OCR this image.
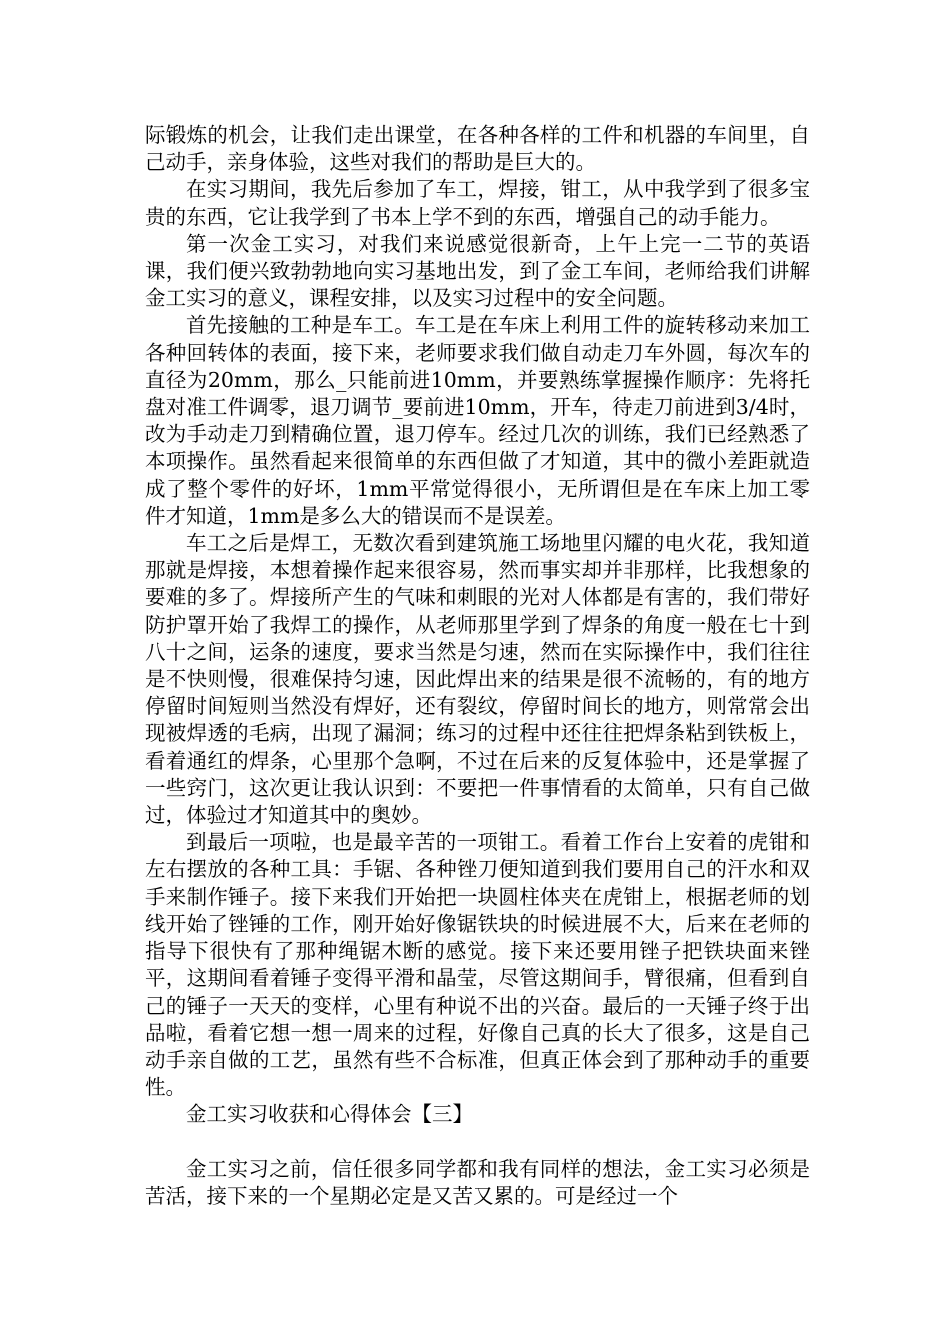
际锻炼的机会，让我们走出课堂，在各种各样的工件和机器的车间里，自己动手，亲身体验，这些对我们的帮助是巨大的。

在实习期间，我先后参加了车工，焊接，钳工，从中我学到了很多宝贵的东西，它让我学到了书本上学不到的东西，增强自己的动手能力。

第一次金工实习，对我们来说感觉很新奇，上午上完一二节的英语课，我们便兴致勃勃地向实习基地出发，到了金工车间，老师给我们讲解金工实习的意义，课程安排，以及实习过程中的安全问题。

首先接触的工种是车工。车工是在车床上利用工件的旋转移动来加工各种回转体的表面，接下来，老师要求我们做自动走刀车外圆，每次车的直径为20mm，那么_只能前进10mm，并要熟练掌握操作顺序：先将托盘对准工件调零，退刀调节_要前进10mm，开车，待走刀前进到3/4时，改为手动走刀到精确位置，退刀停车。经过几次的训练，我们已经熟悉了本项操作。虽然看起来很简单的东西但做了才知道，其中的微小差距就造成了整个零件的好坏，1mm平常觉得很小，无所谓但是在车床上加工零件才知道，1mm是多么大的错误而不是误差。

车工之后是焊工，无数次看到建筑施工场地里闪耀的电火花，我知道那就是焊接，本想着操作起来很容易，然而事实却并非那样，比我想象的要难的多了。焊接所产生的气味和刺眼的光对人体都是有害的，我们带好防护罩开始了我焊工的操作，从老师那里学到了焊条的角度一般在七十到八十之间，运条的速度，要求当然是匀速，然而在实际操作中，我们往往是不快则慢，很难保持匀速，因此焊出来的结果是很不流畅的，有的地方停留时间短则当然没有焊好，还有裂纹，停留时间长的地方，则常常会出现被焊透的毛病，出现了漏洞；练习的过程中还往往把焊条粘到铁板上，看着通红的焊条，心里那个急啊，不过在后来的反复体验中，还是掌握了一些窍门，这次更让我认识到：不要把一件事情看的太简单，只有自己做过，体验过才知道其中的奥妙。

到最后一项啦，也是最辛苦的一项钳工。看着工作台上安着的虎钳和左右摆放的各种工具：手锯、各种锉刀便知道到我们要用自己的汗水和双手来制作锤子。接下来我们开始把一块圆柱体夹在虎钳上，根据老师的划线开始了锉锤的工作，刚开始好像锯铁块的时候进展不大，后来在老师的指导下很快有了那种绳锯木断的感觉。接下来还要用锉子把铁块面来锉平，这期间看着锤子变得平滑和晶莹，尽管这期间手，臂很痛，但看到自己的锤子一天天的变样，心里有种说不出的兴奋。最后的一天锤子终于出品啦，看着它想一想一周来的过程，好像自己真的长大了很多，这是自己动手亲自做的工艺，虽然有些不合标准，但真正体会到了那种动手的重要性。

金工实习收获和心得体会【三】

金工实习之前，信任很多同学都和我有同样的想法，金工实习必须是苦活，接下来的一个星期必定是又苦又累的。可是经过一个
